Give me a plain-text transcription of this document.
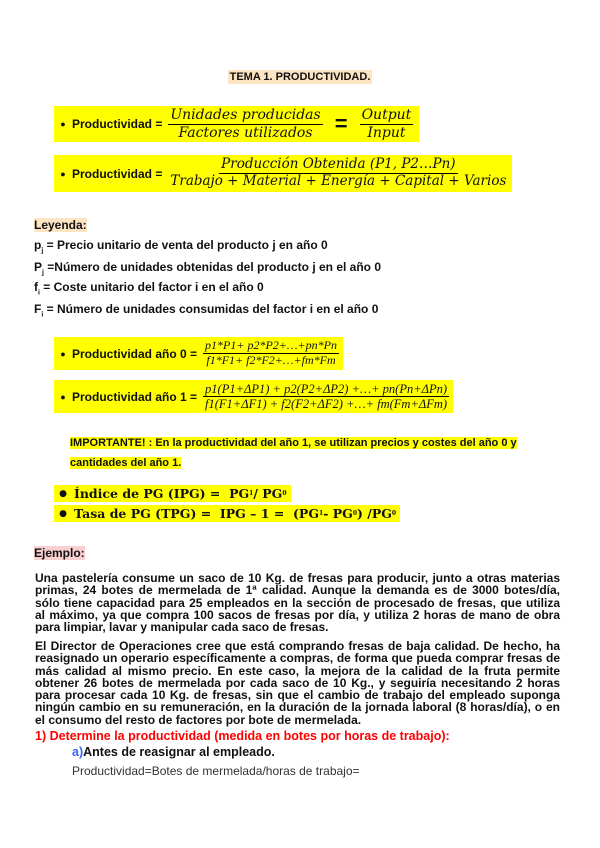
TEMA 1. PRODUCTIVIDAD.
● Productividad = $\frac{\text{Unidades producidas}}{\text{Factores utilizados}} = \frac{\text{Output}}{\text{Input}}$
● Productividad = $\frac{\text{Producción Obtenida (P1, P2…Pn)}}{\text{Trabajo + Material + Energía + Capital + Varios}}$
Leyenda:
$p_j$ = Precio unitario de venta del producto j en año 0
$P_j$ =Número de unidades obtenidas del producto j en el año 0
$f_i$ = Coste unitario del factor i en el año 0
$F_i$ = Número de unidades consumidas del factor i en el año 0
● Productividad año $0 = \frac{p1*P1+ p2*P2+\dots+pn*Pn}{f1*F1+ f2*F2+\dots+fm*Fm}$
● Productividad año $1 = \frac{\text{p1(P1+ΔP1) + p2(P2+ΔP2) +…+ pn(Pn+ΔPn)}}{\text{f1(F1+ΔF1) + f2(F2+ΔF2) +…+ fm(Fm+ΔFm)}}$
IMPORTANTE! : En la productividad del año 1, se utilizan precios y costes del año 0 y
cantidades del año 1.
● Índice de PG (IPG) =  PG 1 / PG 0
● Tasa de PG (TPG) =  IPG – 1 =  (PG 1 - PG 0 ) /PG 0
Ejemplo:
Una pastelería consume un saco de 10 Kg. de fresas para producir, junto a otras materias
primas, 24 botes de mermelada de 1ª calidad. Aunque la demanda es de 3000 botes/día,
sólo tiene capacidad para 25 empleados en la sección de procesado de fresas, que utiliza
al máximo, ya que compra 100 sacos de fresas por día, y utiliza 2 horas de mano de obra
para limpiar, lavar y manipular cada saco de fresas.
El Director de Operaciones cree que está comprando fresas de baja calidad. De hecho, ha
reasignado un operario específicamente a compras, de forma que pueda comprar fresas de
más calidad al mismo precio. En este caso, la mejora de la calidad de la fruta permite
obtener 26 botes de mermelada por cada saco de 10 Kg., y seguiría necesitando 2 horas
para procesar cada 10 Kg. de fresas, sin que el cambio de trabajo del empleado suponga
ningún cambio en su remuneración, en la duración de la jornada laboral (8 horas/día), o en
el consumo del resto de factores por bote de mermelada.
1) Determine la productividad (medida en botes por horas de trabajo):
a)Antes de reasignar al empleado.
Productividad=Botes de mermelada/horas de trabajo=
